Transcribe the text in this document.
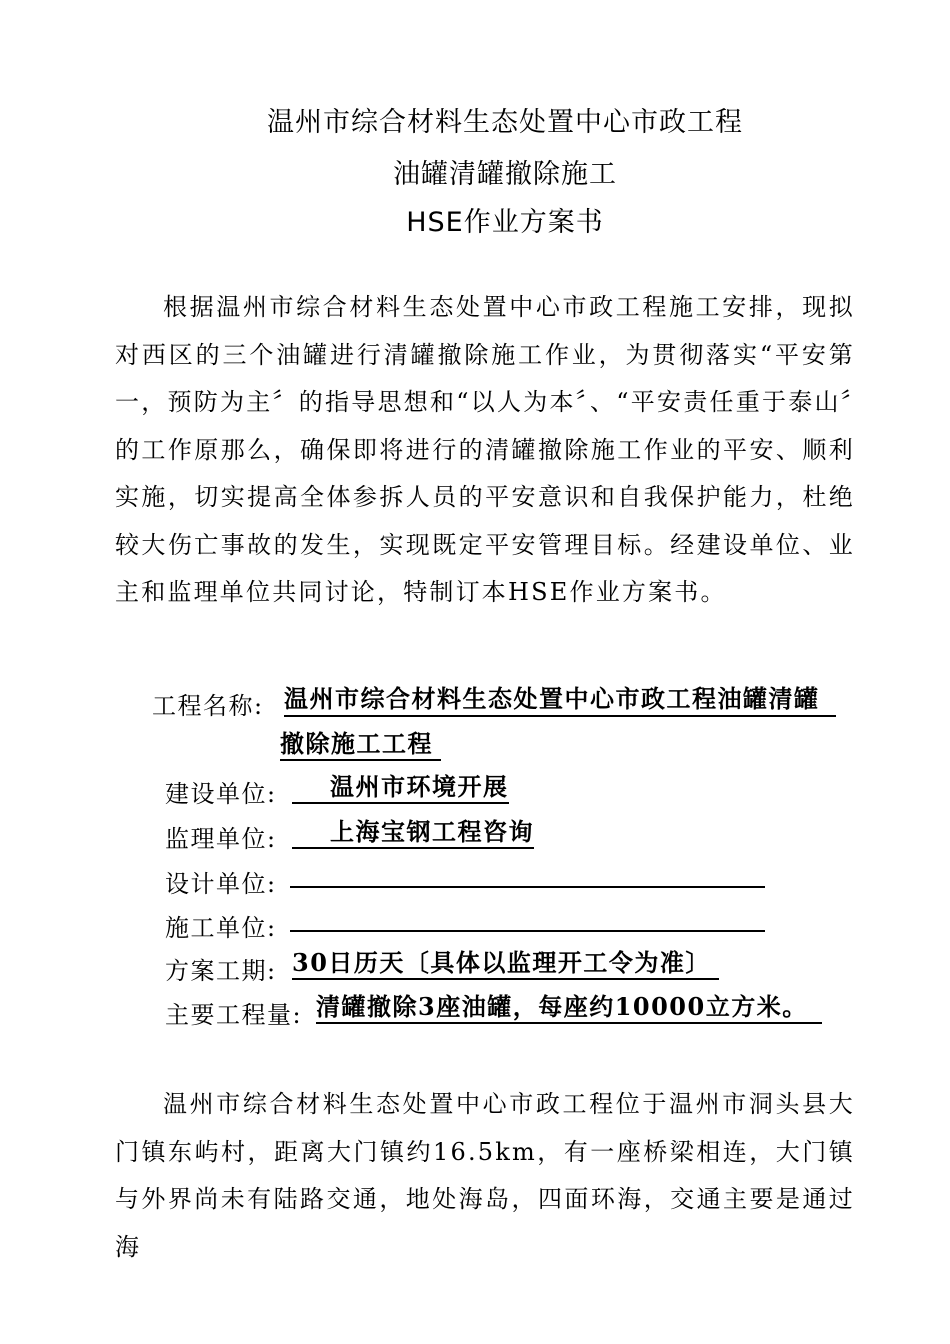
温州市综合材料生态处置中心市政工程
油罐清罐撤除施工
HSE作业方案书
根据温州市综合材料生态处置中心市政工程施工安排，现拟对西区的三个油罐进行清罐撤除施工作业，为贯彻落实“平安第一，预防为主〞的指导思想和“以人为本〞、“平安责任重于泰山〞的工作原那么，确保即将进行的清罐撤除施工作业的平安、顺利实施，切实提高全体参拆人员的平安意识和自我保护能力，杜绝较大伤亡事故的发生，实现既定平安管理目标。经建设单位、业主和监理单位共同讨论，特制订本HSE作业方案书。
工程名称: 温州市综合材料生态处置中心市政工程油罐清罐
撤除施工工程
建设单位:	温州市环境开展
监理单位:	上海宝钢工程咨询
设计单位:
施工单位:
方案工期: 30日历天〔具体以监理开工令为准〕
主要工程量: 清罐撤除3座油罐，每座约10000立方米。
温州市综合材料生态处置中心市政工程位于温州市洞头县大门镇东屿村，距离大门镇约16.5km，有一座桥梁相连，大门镇与外界尚未有陆路交通，地处海岛，四面环海，交通主要是通过海
